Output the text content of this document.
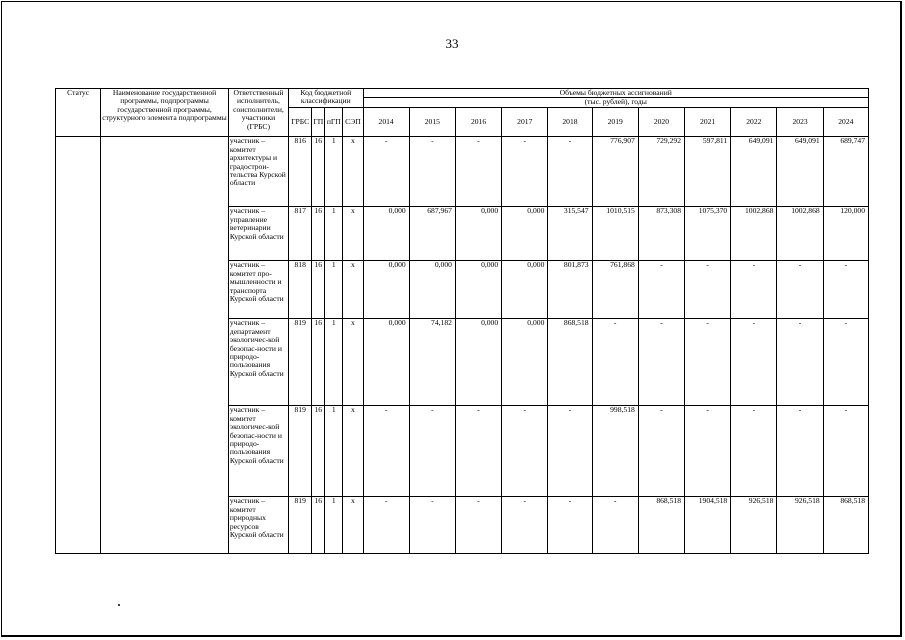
33
Статус	Наименование государственной программы, подпрограммы государственной программы, структурного элемента подпрограммы	Ответственный исполнитель, соисполнители, участники (ГРБС)	Код бюджетной классификации				Объемы бюджетных ассигнований										
							(тыс. рублей), годы										
			ГРБС	ГП	пГП	СЭП	2014	2015	2016	2017	2018	2019	2020	2021	2022	2023	2024
		участник – комитет архитектуры и градострои-тельства Курской области	816	16	1	x	-	-	-	-	-	776,907	729,292	597,811	649,091	649,091	689,747
		участник – управление ветеринарии Курской области	817	16	1	x	0,000	687,967	0,000	0,000	315,547	1010,515	873,308	1075,370	1002,868	1002,868	120,000
		участник – комитет про-мышленности и транспорта Курской области	818	16	1	x	0,000	0,000	0,000	0,000	801,873	761,868	-	-	-	-	-
		участник – департамент экологичес-кой безопас-ности и природо-пользования Курской области	819	16	1	x	0,000	74,182	0,000	0,000	868,518	-	-	-	-	-	-
		участник – комитет экологичес-кой безопас-ности и природо-пользования Курской области	819	16	1	x	-	-	-	-	-	998,518	-	-	-	-	-
		участник – комитет природных ресурсов Курской области	819	16	1	x	-	-	-	-	-	-	868,518	1904,518	926,518	926,518	868,518
